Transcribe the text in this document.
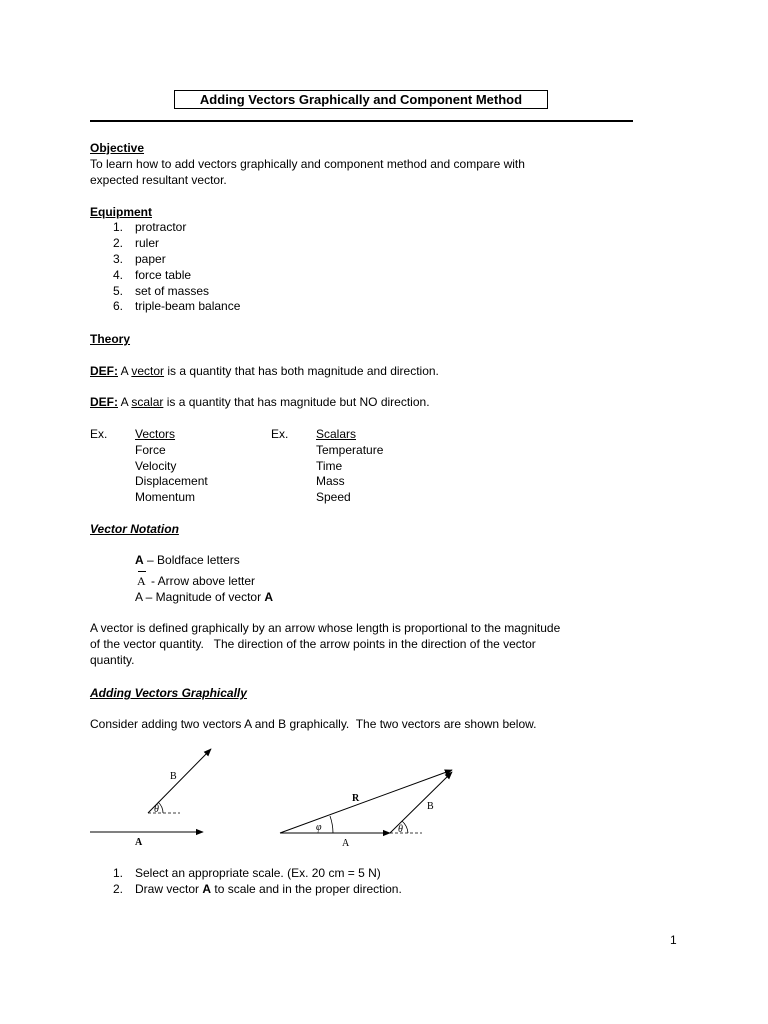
Adding Vectors Graphically and Component Method
Objective
To learn how to add vectors graphically and component method and compare with
expected resultant vector.
Equipment
1. protractor
2. ruler
3. paper
4. force table
5. set of masses
6. triple-beam balance
Theory
DEF: A vector is a quantity that has both magnitude and direction.
DEF: A scalar is a quantity that has magnitude but NO direction.
Ex. Vectors
Force
Velocity
Displacement
Momentum
Ex. Scalars
Temperature
Time
Mass
Speed
Vector Notation
A – Boldface letters
A - Arrow above letter
A – Magnitude of vector A
A vector is defined graphically by an arrow whose length is proportional to the magnitude
of the vector quantity.   The direction of the arrow points in the direction of the vector
quantity.
Adding Vectors Graphically
Consider adding two vectors A and B graphically.  The two vectors are shown below.
B
θ
A
R
B
φ	θ
A
1. Select an appropriate scale. (Ex. 20 cm = 5 N)
2. Draw vector A to scale and in the proper direction.
1
